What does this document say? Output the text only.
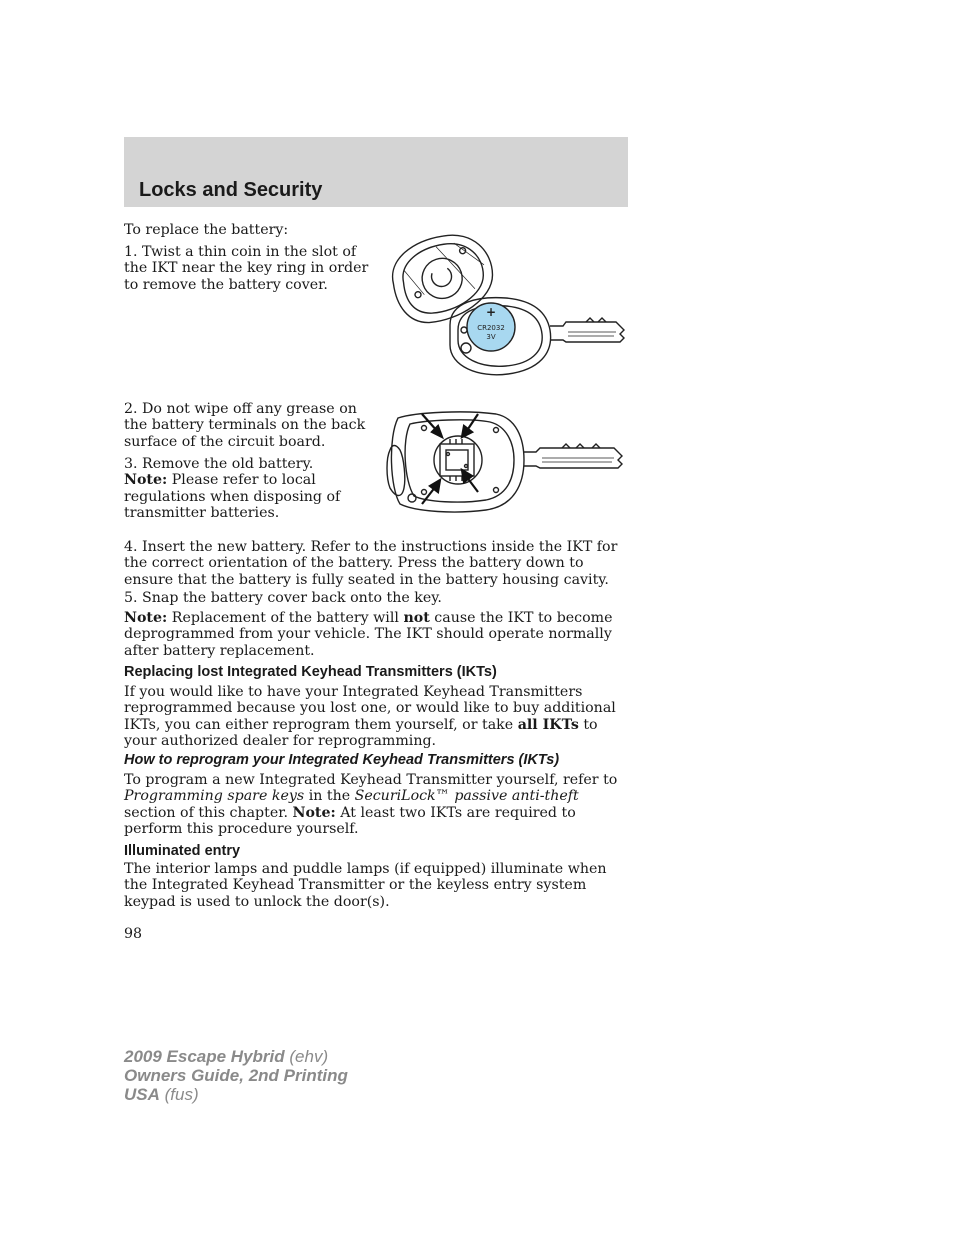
Locks and Security

To replace the battery:

1. Twist a thin coin in the slot of the IKT near the key ring in order to remove the battery cover.

+
CR2032
3V

2. Do not wipe off any grease on the battery terminals on the back surface of the circuit board.

3. Remove the old battery.
Note: Please refer to local regulations when disposing of transmitter batteries.

4. Insert the new battery. Refer to the instructions inside the IKT for the correct orientation of the battery. Press the battery down to ensure that the battery is fully seated in the battery housing cavity.

5. Snap the battery cover back onto the key.

Note: Replacement of the battery will not cause the IKT to become deprogrammed from your vehicle. The IKT should operate normally after battery replacement.

Replacing lost Integrated Keyhead Transmitters (IKTs)

If you would like to have your Integrated Keyhead Transmitters reprogrammed because you lost one, or would like to buy additional IKTs, you can either reprogram them yourself, or take all IKTs to your authorized dealer for reprogramming.

How to reprogram your Integrated Keyhead Transmitters (IKTs)

To program a new Integrated Keyhead Transmitter yourself, refer to Programming spare keys in the SecuriLock™ passive anti-theft section of this chapter. Note: At least two IKTs are required to perform this procedure yourself.

Illuminated entry

The interior lamps and puddle lamps (if equipped) illuminate when the Integrated Keyhead Transmitter or the keyless entry system keypad is used to unlock the door(s).

98

2009 Escape Hybrid (ehv)
Owners Guide, 2nd Printing
USA (fus)
